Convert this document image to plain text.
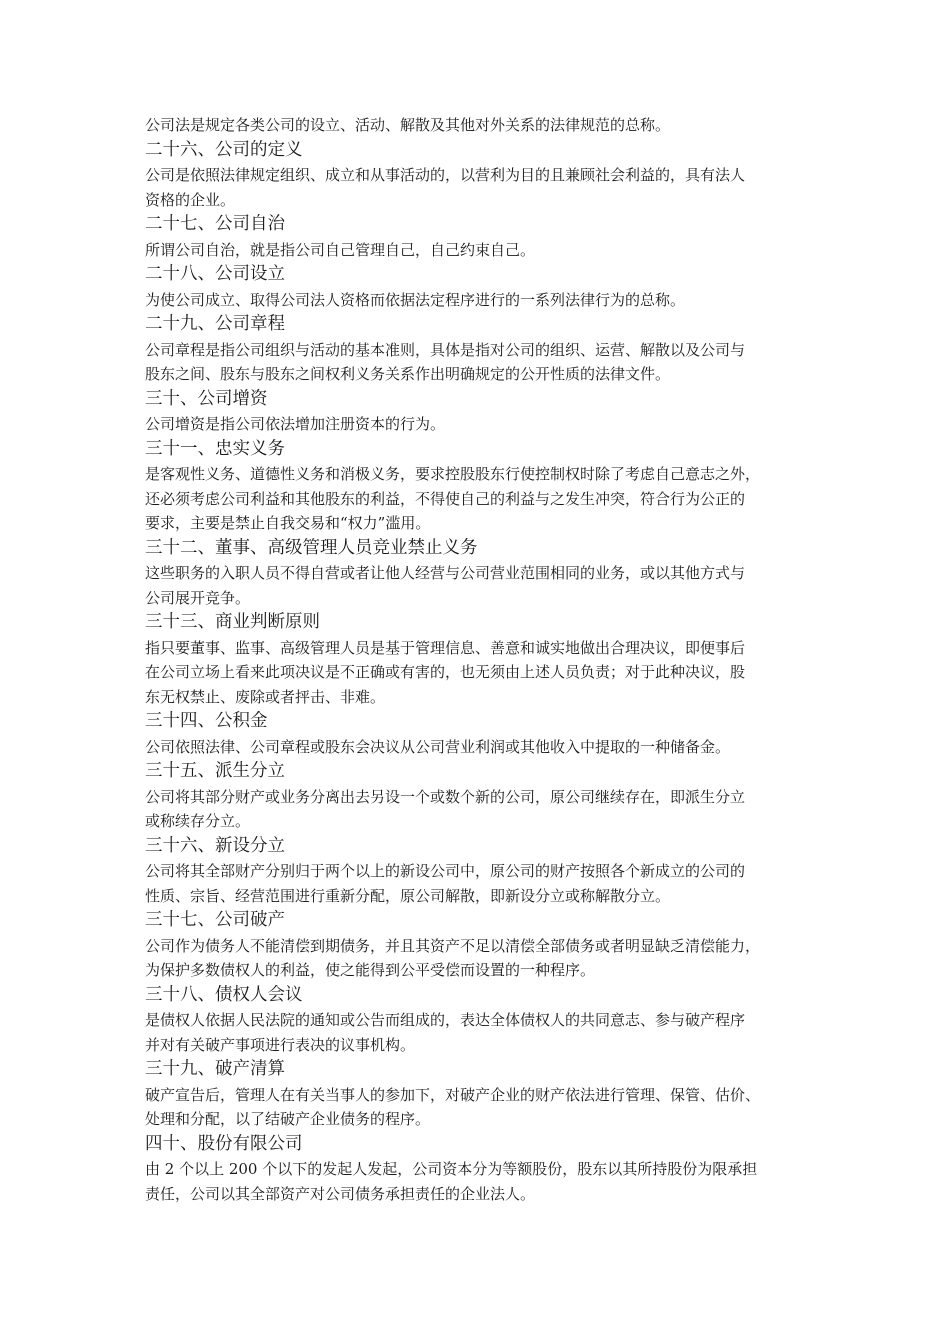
公司法是规定各类公司的设立、活动、解散及其他对外关系的法律规范的总称。
二十六、公司的定义
公司是依照法律规定组织、成立和从事活动的，以营利为目的且兼顾社会利益的，具有法人
资格的企业。
二十七、公司自治
所谓公司自治，就是指公司自己管理自己，自己约束自己。
二十八、公司设立
为使公司成立、取得公司法人资格而依据法定程序进行的一系列法律行为的总称。
二十九、公司章程
公司章程是指公司组织与活动的基本准则，具体是指对公司的组织、运营、解散以及公司与
股东之间、股东与股东之间权利义务关系作出明确规定的公开性质的法律文件。
三十、公司增资
公司增资是指公司依法增加注册资本的行为。
三十一、忠实义务
是客观性义务、道德性义务和消极义务，要求控股股东行使控制权时除了考虑自己意志之外，
还必须考虑公司利益和其他股东的利益，不得使自己的利益与之发生冲突，符合行为公正的
要求，主要是禁止自我交易和“权力”滥用。
三十二、董事、高级管理人员竞业禁止义务
这些职务的入职人员不得自营或者让他人经营与公司营业范围相同的业务，或以其他方式与
公司展开竞争。
三十三、商业判断原则
指只要董事、监事、高级管理人员是基于管理信息、善意和诚实地做出合理决议，即便事后
在公司立场上看来此项决议是不正确或有害的，也无须由上述人员负责；对于此种决议，股
东无权禁止、废除或者抨击、非难。
三十四、公积金
公司依照法律、公司章程或股东会决议从公司营业利润或其他收入中提取的一种储备金。
三十五、派生分立
公司将其部分财产或业务分离出去另设一个或数个新的公司，原公司继续存在，即派生分立
或称续存分立。
三十六、新设分立
公司将其全部财产分别归于两个以上的新设公司中，原公司的财产按照各个新成立的公司的
性质、宗旨、经营范围进行重新分配，原公司解散，即新设分立或称解散分立。
三十七、公司破产
公司作为债务人不能清偿到期债务，并且其资产不足以清偿全部债务或者明显缺乏清偿能力，
为保护多数债权人的利益，使之能得到公平受偿而设置的一种程序。
三十八、债权人会议
是债权人依据人民法院的通知或公告而组成的，表达全体债权人的共同意志、参与破产程序
并对有关破产事项进行表决的议事机构。
三十九、破产清算
破产宣告后，管理人在有关当事人的参加下，对破产企业的财产依法进行管理、保管、估价、
处理和分配，以了结破产企业债务的程序。
四十、股份有限公司
由 2 个以上 200 个以下的发起人发起，公司资本分为等额股份，股东以其所持股份为限承担
责任，公司以其全部资产对公司债务承担责任的企业法人。
